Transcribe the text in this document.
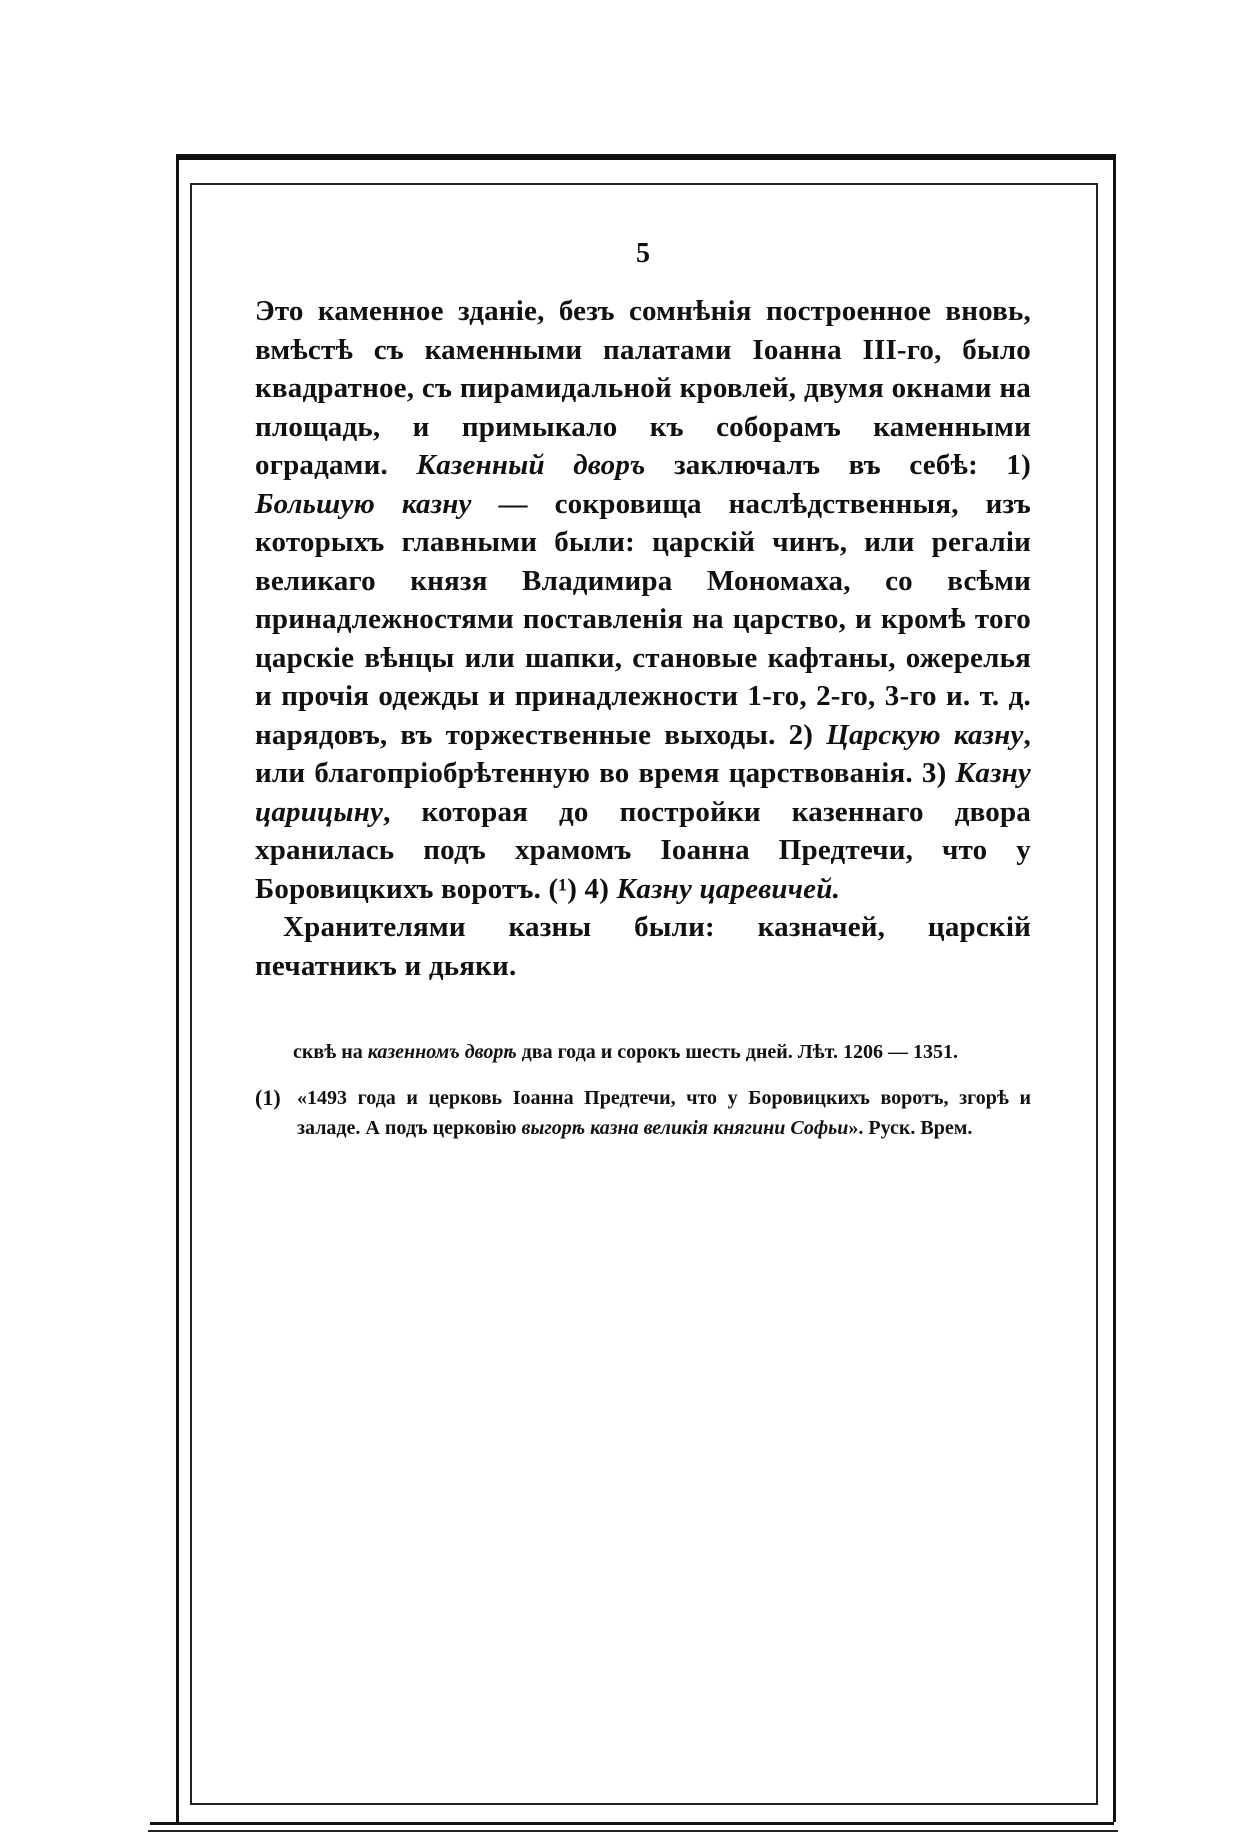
5

Это каменное зданіе, безъ сомнѣнія построенное вновь, вмѣстѣ съ каменными палатами Іоанна III-го, было квадратное, съ пирамидальной кровлей, двумя окнами на площадь, и примыкало къ соборамъ каменными оградами. Казенный дворъ заключалъ въ себѣ: 1) Большую казну — сокровища наслѣдственныя, изъ которыхъ главными были: царскій чинъ, или регаліи великаго князя Владимира Мономаха, со всѣми принадлежностями поставленія на царство, и кромѣ того царскіе вѣнцы или шапки, становые кафтаны, ожерелья и прочія одежды и принадлежности 1-го, 2-го, 3-го и. т. д. нарядовъ, въ торжественные выходы. 2) Царскую казну, или благопріобрѣтенную во время царствованія. 3) Казну царицыну, которая до постройки казеннаго двора хранилась подъ храмомъ Іоанна Предтечи, что у Боровицкихъ воротъ. (¹) 4) Казну царевичей.

Хранителями казны были: казначей, царскій печатникъ и дьяки.

сквѣ на казенномъ дворѣ два года и сорокъ шесть дней. Лѣт. 1206 — 1351.
(1) «1493 года и церковь Іоанна Предтечи, что у Боровицкихъ воротъ, згорѣ и заладе. А подъ церковію выгорѣ казна великія княгини Софьи». Руск. Врем.
